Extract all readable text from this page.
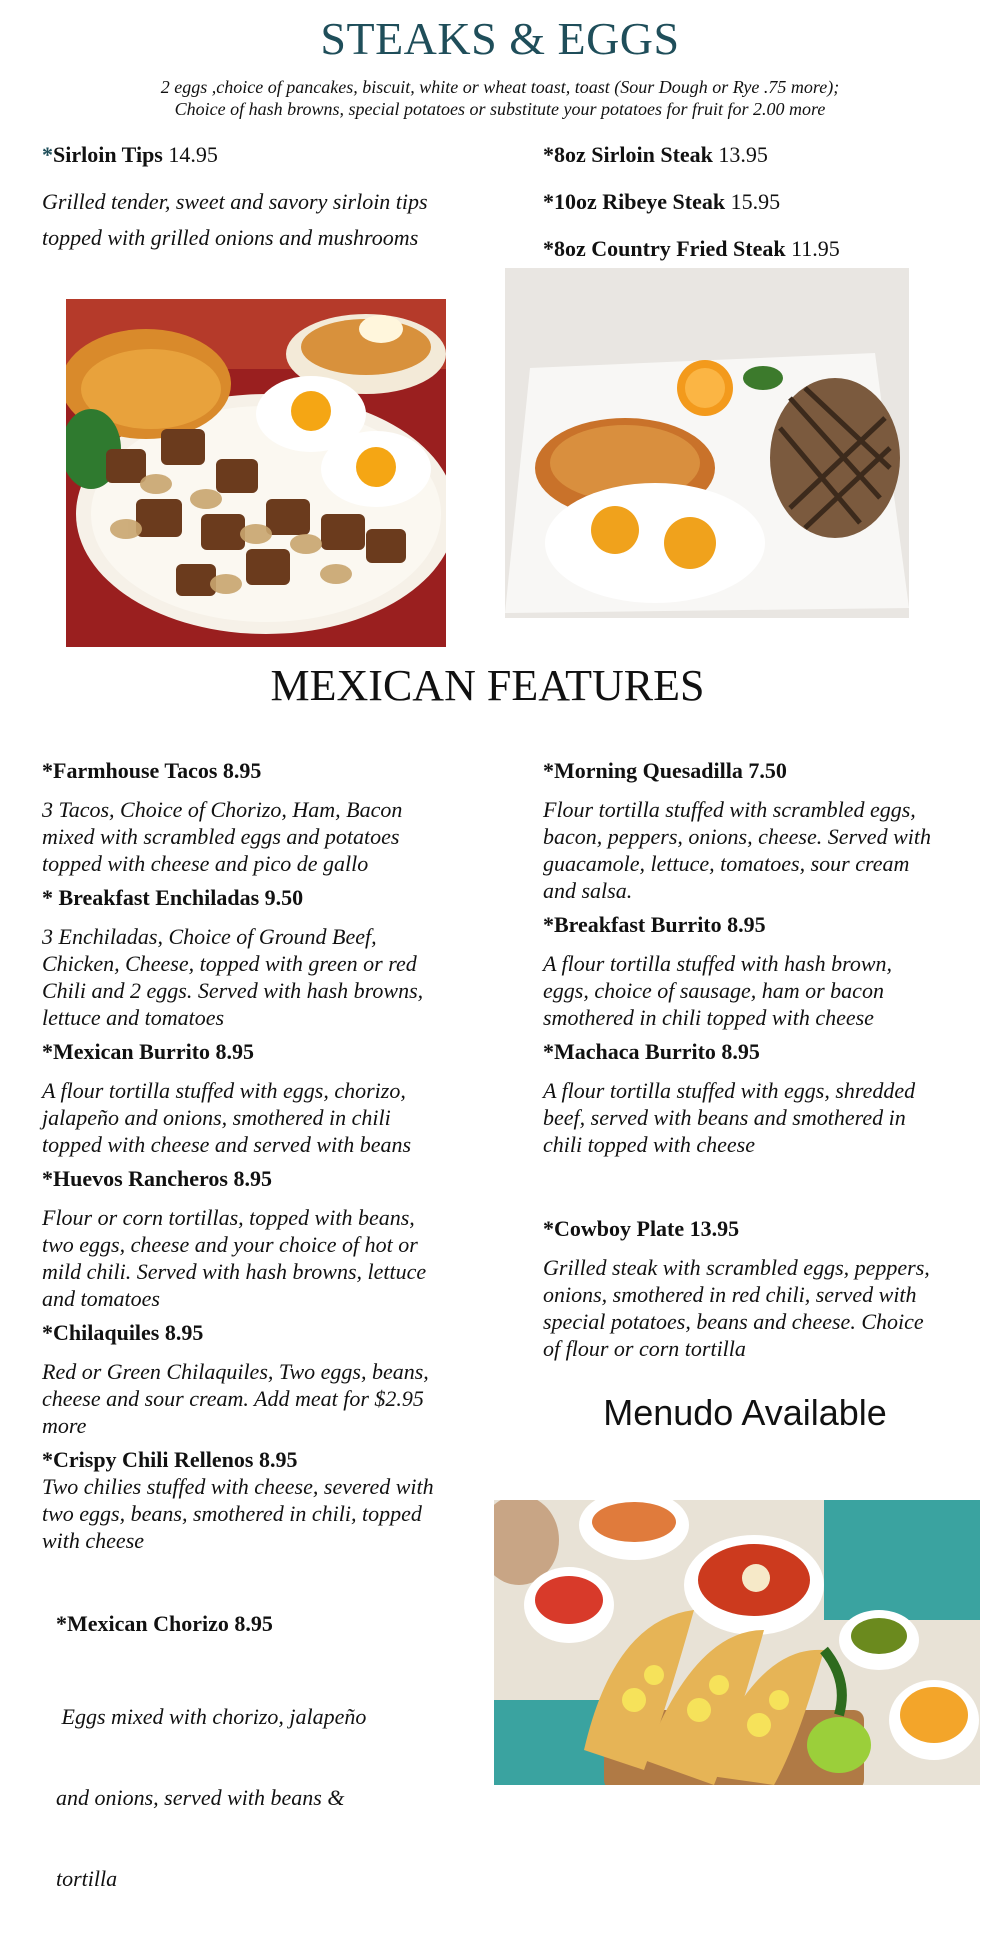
STEAKS & EGGS
2 eggs ,choice of pancakes, biscuit, white or wheat toast, toast (Sour Dough or Rye .75 more);
Choice of hash browns, special potatoes or substitute your potatoes for fruit for 2.00 more
*Sirloin Tips 14.95
Grilled tender, sweet and savory sirloin tips
topped with grilled onions and mushrooms
*8oz Sirloin Steak 13.95
*10oz Ribeye Steak 15.95
*8oz Country Fried Steak 11.95
MEXICAN FEATURES
*Farmhouse Tacos 8.95
3 Tacos, Choice of Chorizo, Ham, Bacon
mixed with scrambled eggs and potatoes
topped with cheese and pico de gallo
* Breakfast Enchiladas 9.50
3 Enchiladas, Choice of Ground Beef,
Chicken, Cheese, topped with green or red
Chili and 2 eggs. Served with hash browns,
lettuce and tomatoes
*Mexican Burrito 8.95
A flour tortilla stuffed with eggs, chorizo,
jalapeño and onions, smothered in chili
topped with cheese and served with beans
*Huevos Rancheros 8.95
Flour or corn tortillas, topped with beans,
two eggs, cheese and your choice of hot or
mild chili. Served with hash browns, lettuce
and tomatoes
*Chilaquiles 8.95
Red or Green Chilaquiles, Two eggs, beans,
cheese and sour cream. Add meat for $2.95
more
*Crispy Chili Rellenos 8.95
Two chilies stuffed with cheese, severed with
two eggs, beans, smothered in chili, topped
with cheese
*Mexican Chorizo 8.95

Eggs mixed with chorizo, jalapeño

and onions, served with beans &

tortilla

*Morning Quesadilla 7.50
Flour tortilla stuffed with scrambled eggs,
bacon, peppers, onions, cheese. Served with
guacamole, lettuce, tomatoes, sour cream
and salsa.
*Breakfast Burrito 8.95
A flour tortilla stuffed with hash brown,
eggs, choice of sausage, ham or bacon
smothered in chili topped with cheese
*Machaca Burrito 8.95
A flour tortilla stuffed with eggs, shredded
beef, served with beans and smothered in
chili topped with cheese
*Cowboy Plate 13.95
Grilled steak with scrambled eggs, peppers,
onions, smothered in red chili, served with
special potatoes, beans and cheese. Choice
of flour or corn tortilla
Menudo Available
